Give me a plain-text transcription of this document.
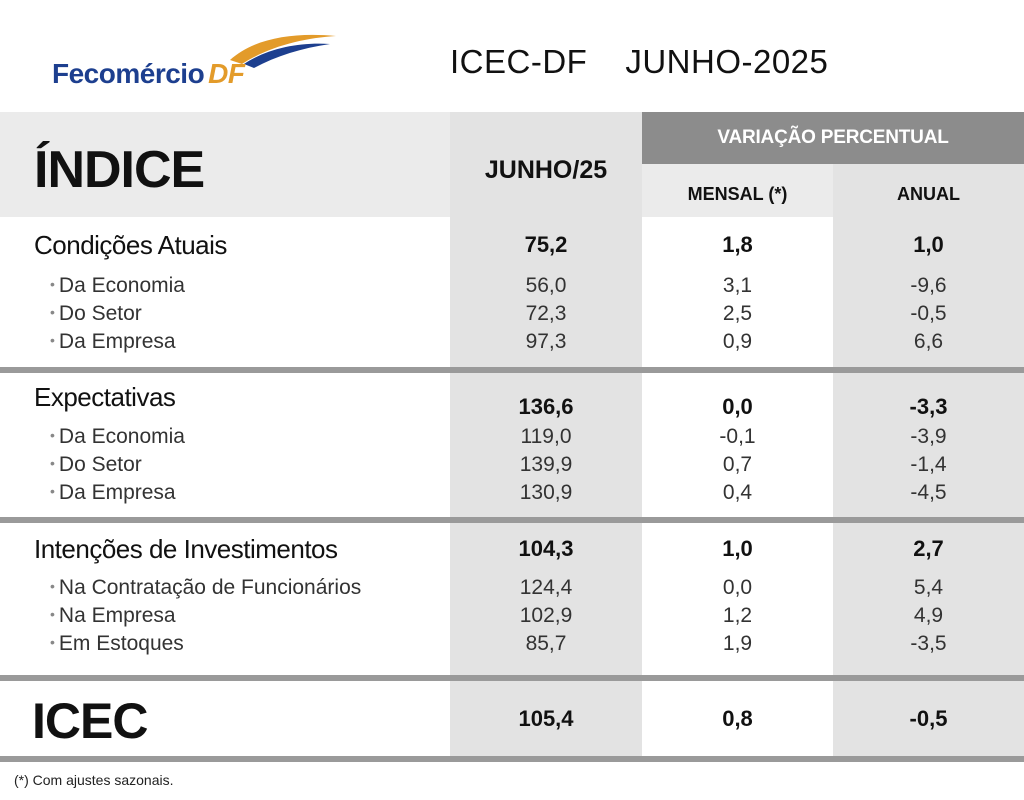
Fecomércio DF	ICEC-DF JUNHO-2025
VARIAÇÃO PERCENTUAL
ÍNDICE	JUNHO/25
MENSAL (*)	ANUAL
Condições Atuais	75,2	1,8	1,0
• Da Economia	56,0	3,1	-9,6
• Do Setor	72,3	2,5	-0,5
• Da Empresa	97,3	0,9	6,6
Expectativas	136,6	0,0	-3,3
• Da Economia	119,0	-0,1	-3,9
• Do Setor	139,9	0,7	-1,4
• Da Empresa	130,9	0,4	-4,5
Intenções de Investimentos	104,3	1,0	2,7
• Na Contratação de Funcionários	124,4	0,0	5,4
• Na Empresa	102,9	1,2	4,9
• Em Estoques	85,7	1,9	-3,5
ICEC	105,4	0,8	-0,5
(*) Com ajustes sazonais.
